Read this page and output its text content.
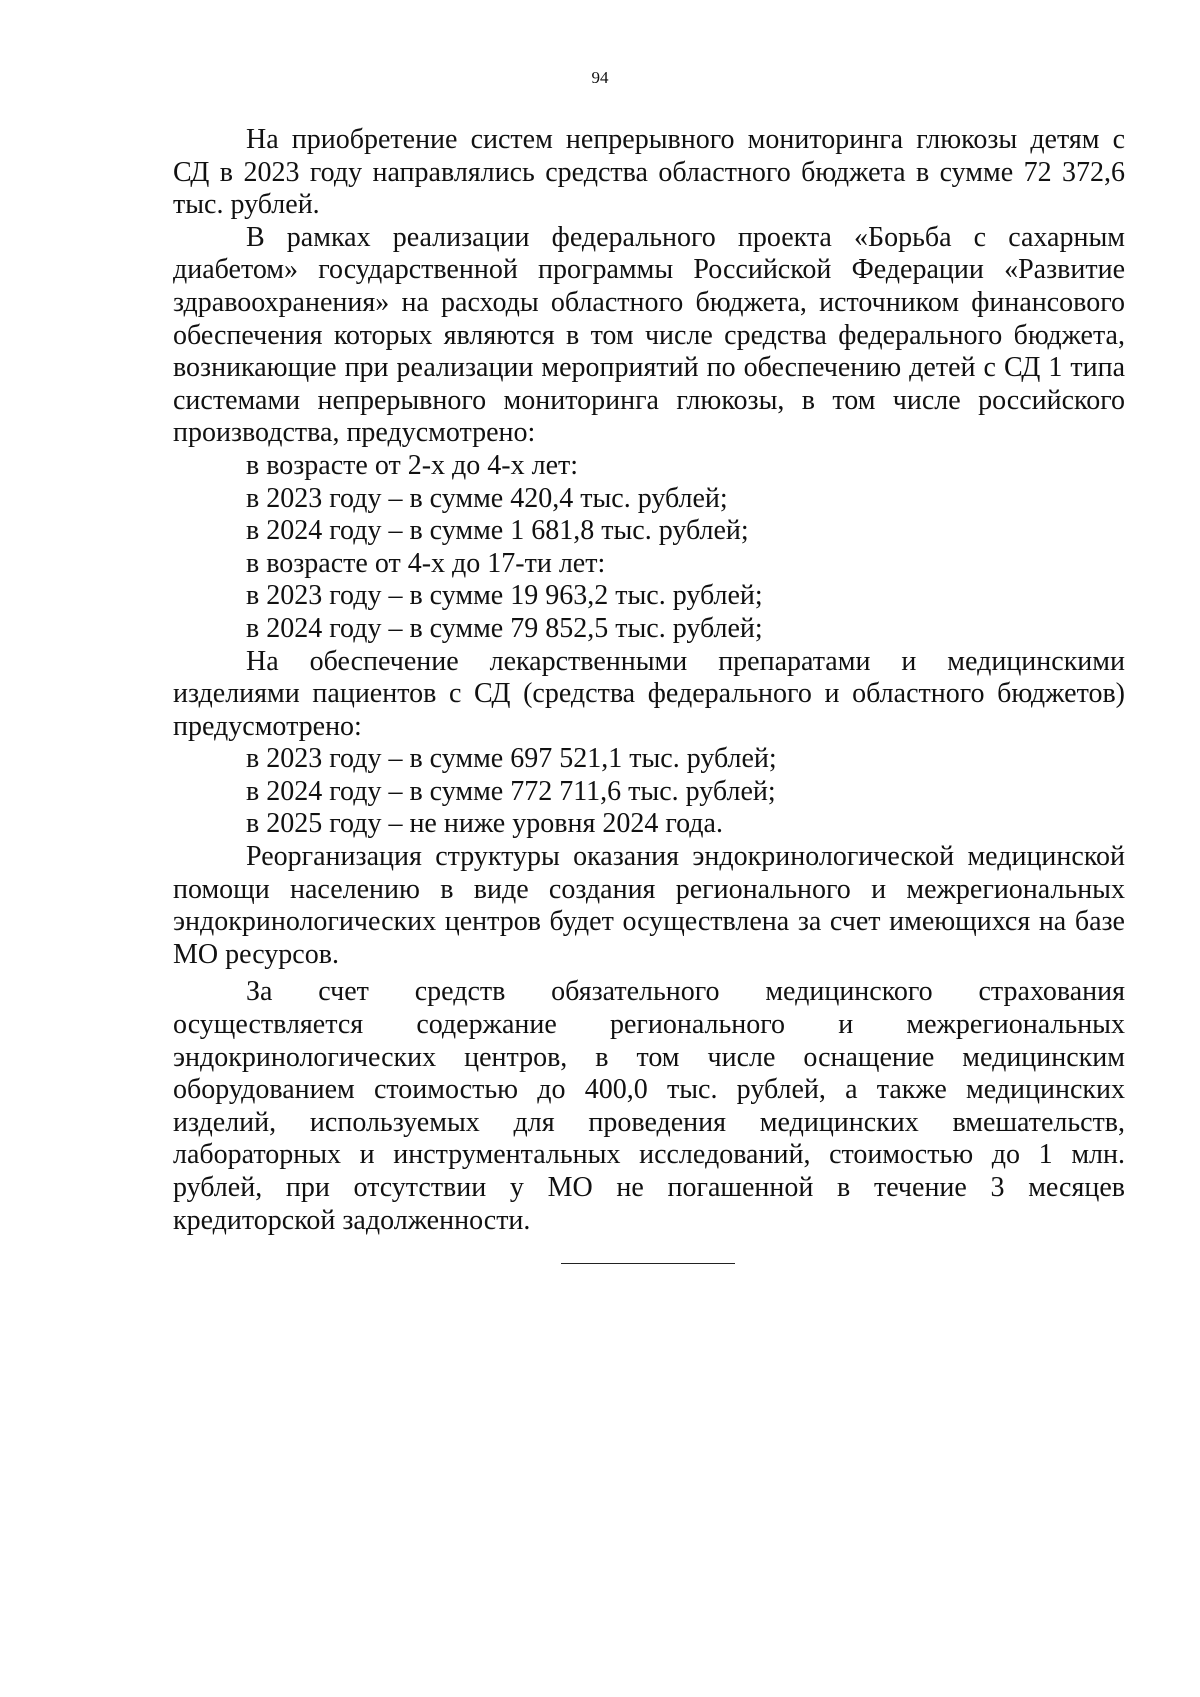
94

На приобретение систем непрерывного мониторинга глюкозы детям с СД в 2023 году направлялись средства областного бюджета в сумме 72 372,6 тыс. рублей.

В рамках реализации федерального проекта «Борьба с сахарным диабетом» государственной программы Российской Федерации «Развитие здравоохранения» на расходы областного бюджета, источником финансового обеспечения которых являются в том числе средства федерального бюджета, возникающие при реализации мероприятий по обеспечению детей с СД 1 типа системами непрерывного мониторинга глюкозы, в том числе российского производства, предусмотрено:

в возрасте от 2-х до 4-х лет:

в 2023 году – в сумме 420,4 тыс. рублей;

в 2024 году – в сумме 1 681,8 тыс. рублей;

в возрасте от 4-х до 17-ти лет:

в 2023 году – в сумме 19 963,2 тыс. рублей;

в 2024 году – в сумме 79 852,5 тыс. рублей;

На обеспечение лекарственными препаратами и медицинскими изделиями пациентов с СД (средства федерального и областного бюджетов) предусмотрено:

в 2023 году – в сумме 697 521,1 тыс. рублей;

в 2024 году – в сумме 772 711,6 тыс. рублей;

в 2025 году – не ниже уровня 2024 года.

Реорганизация структуры оказания эндокринологической медицинской помощи населению в виде создания регионального и межрегиональных эндокринологических центров будет осуществлена за счет имеющихся на базе МО ресурсов.

За счет средств обязательного медицинского страхования осуществляется содержание регионального и межрегиональных эндокринологических центров, в том числе оснащение медицинским оборудованием стоимостью до 400,0 тыс. рублей, а также медицинских изделий, используемых для проведения медицинских вмешательств, лабораторных и инструментальных исследований, стоимостью до 1 млн. рублей, при отсутствии у МО не погашенной в течение 3 месяцев кредиторской задолженности.
